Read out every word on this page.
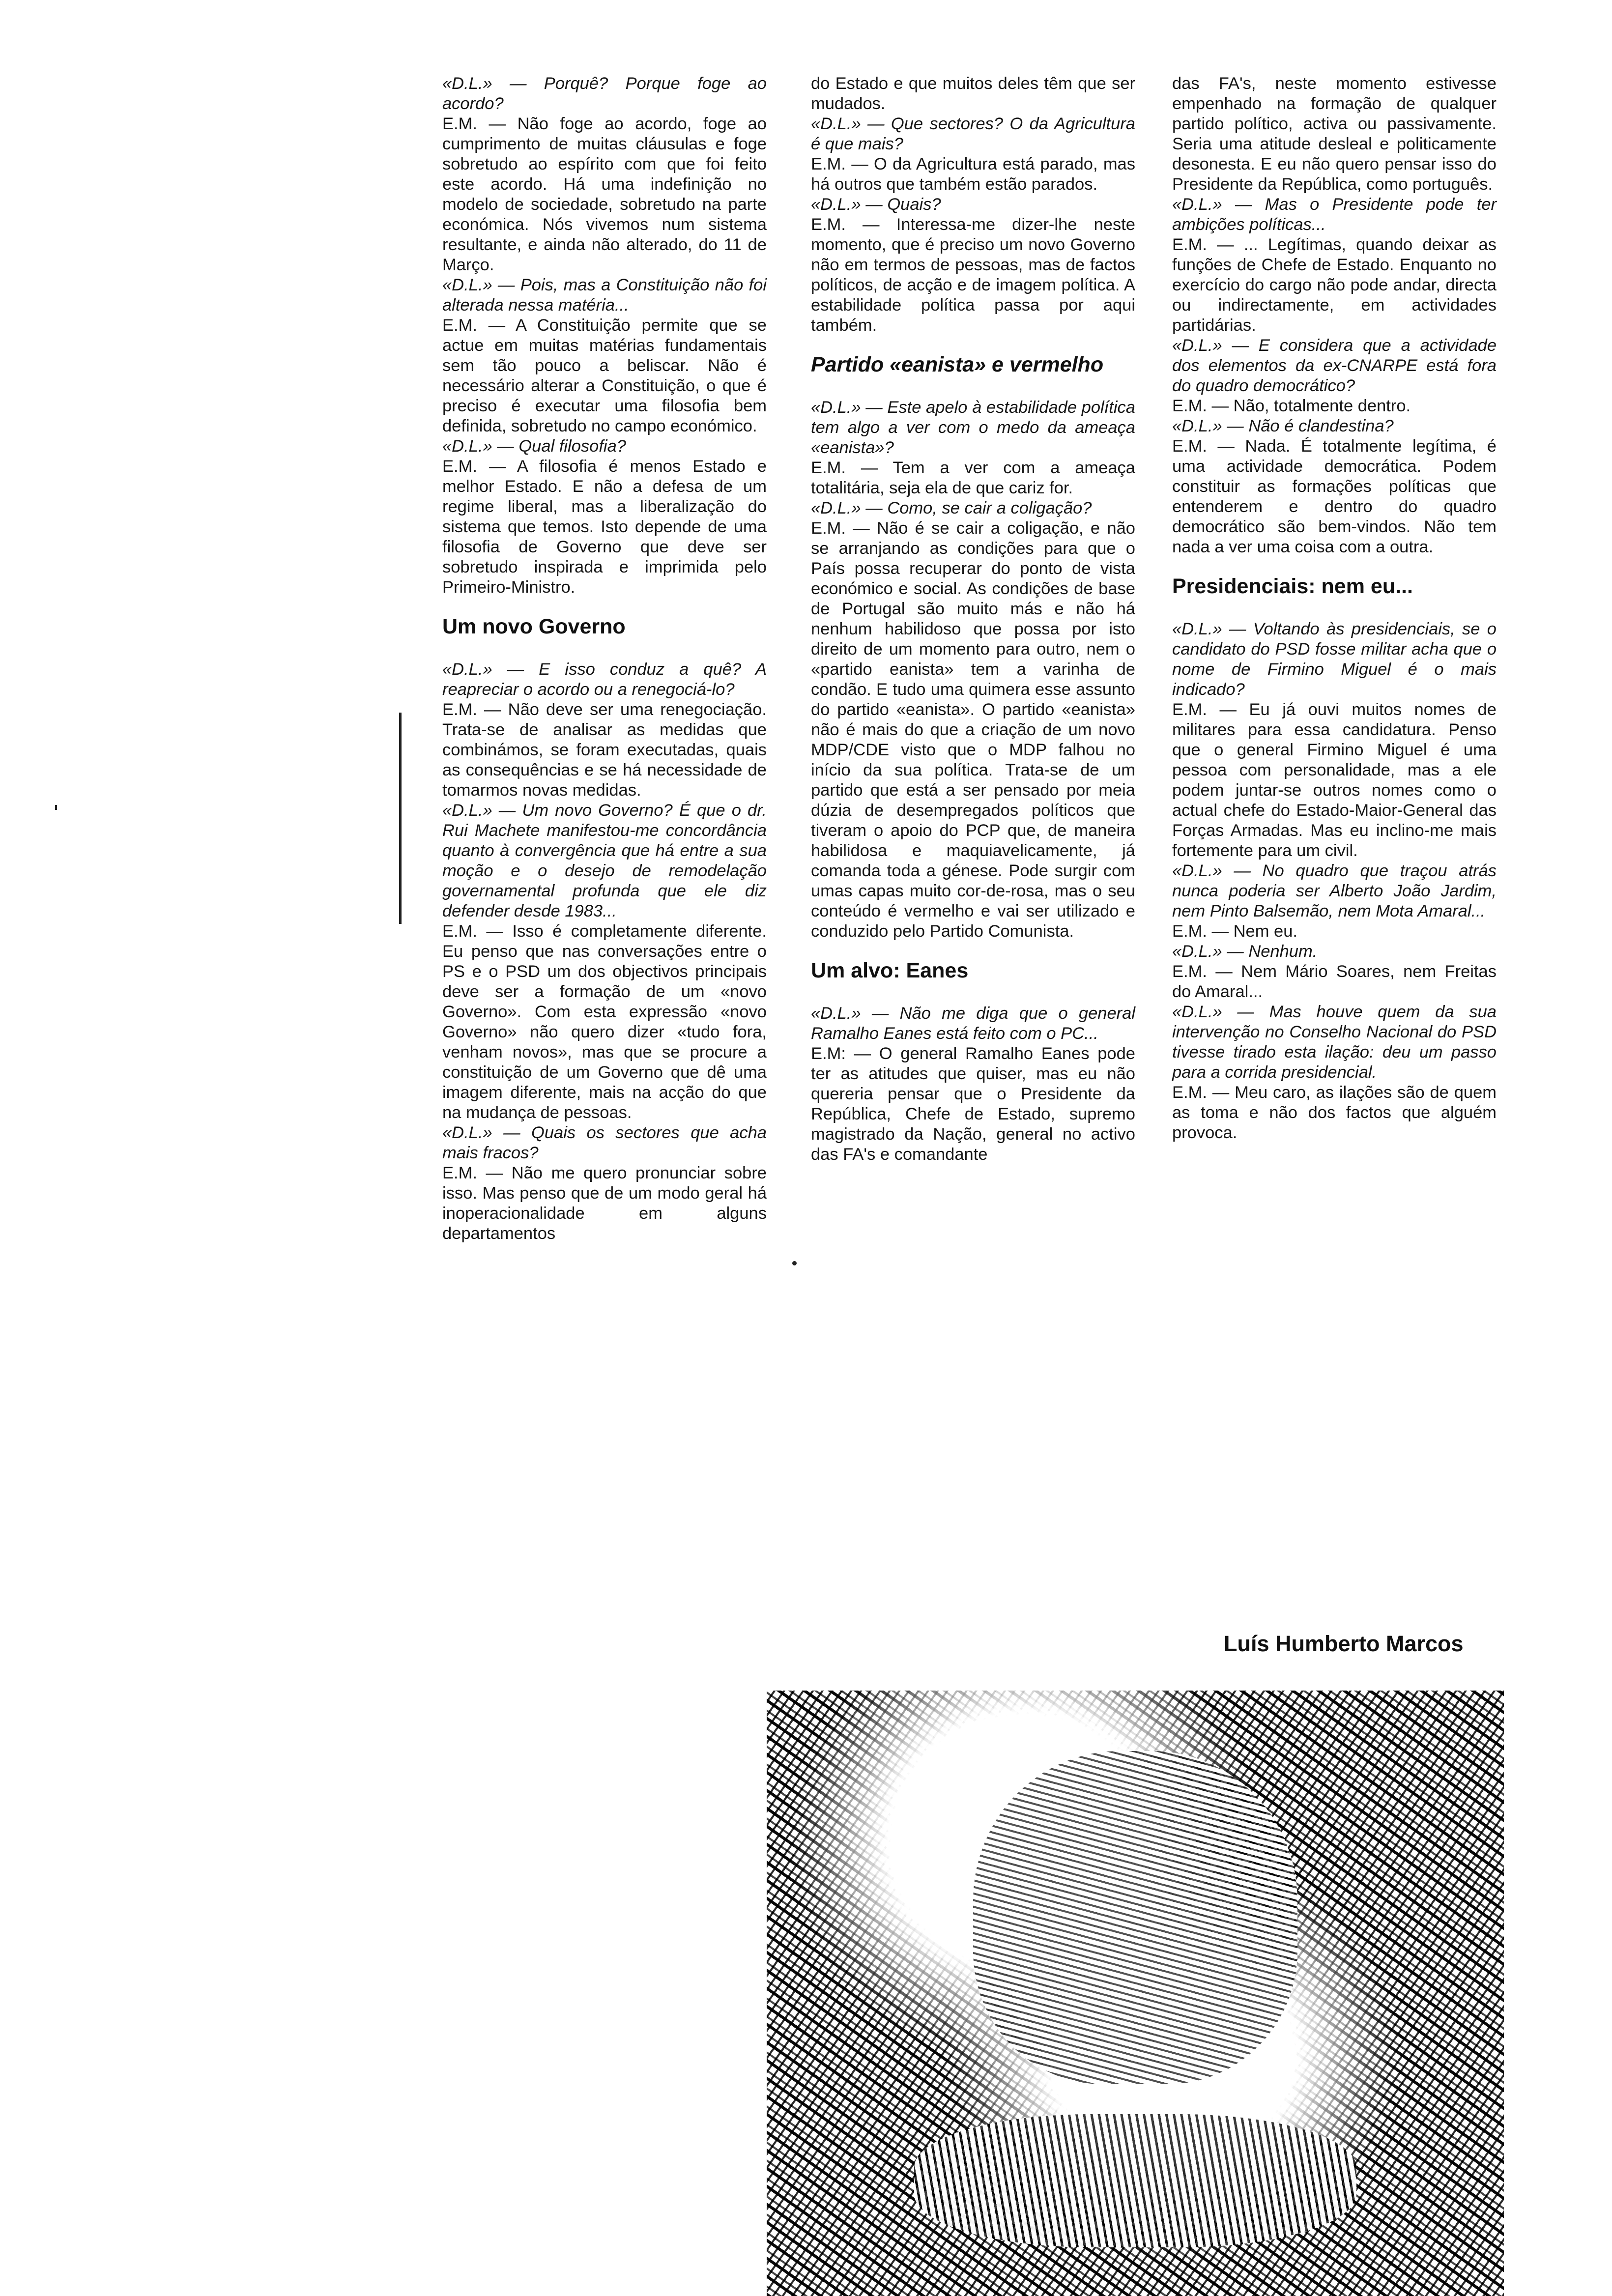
«D.L.» — Porquê? Porque foge ao acordo?

E.M. — Não foge ao acordo, foge ao cumprimento de muitas cláusulas e foge sobretudo ao espírito com que foi feito este acordo. Há uma indefinição no modelo de sociedade, sobretudo na parte económica. Nós vivemos num sistema resultante, e ainda não alterado, do 11 de Março.

«D.L.» — Pois, mas a Constituição não foi alterada nessa matéria...

E.M. — A Constituição permite que se actue em muitas matérias fundamentais sem tão pouco a beliscar. Não é necessário alterar a Constituição, o que é preciso é executar uma filosofia bem definida, sobretudo no campo económico.

«D.L.» — Qual filosofia?

E.M. — A filosofia é menos Estado e melhor Estado. E não a defesa de um regime liberal, mas a liberalização do sistema que temos. Isto depende de uma filosofia de Governo que deve ser sobretudo inspirada e imprimida pelo Primeiro-Ministro.

Um novo Governo

«D.L.» — E isso conduz a quê? A reapreciar o acordo ou a renegociá-lo?

E.M. — Não deve ser uma renegociação. Trata-se de analisar as medidas que combinámos, se foram executadas, quais as consequências e se há necessidade de tomarmos novas medidas.

«D.L.» — Um novo Governo? É que o dr. Rui Machete manifestou-me concordância quanto à convergência que há entre a sua moção e o desejo de remodelação governamental profunda que ele diz defender desde 1983...

E.M. — Isso é completamente diferente. Eu penso que nas conversações entre o PS e o PSD um dos objectivos principais deve ser a formação de um «novo Governo». Com esta expressão «novo Governo» não quero dizer «tudo fora, venham novos», mas que se procure a constituição de um Governo que dê uma imagem diferente, mais na acção do que na mudança de pessoas.

«D.L.» — Quais os sectores que acha mais fracos?

E.M. — Não me quero pronunciar sobre isso. Mas penso que de um modo geral há inoperacionalidade em alguns departamentos

do Estado e que muitos deles têm que ser mudados.

«D.L.» — Que sectores? O da Agricultura é que mais?

E.M. — O da Agricultura está parado, mas há outros que também estão parados.

«D.L.» — Quais?

E.M. — Interessa-me dizer-lhe neste momento, que é preciso um novo Governo não em termos de pessoas, mas de factos políticos, de acção e de imagem política. A estabilidade política passa por aqui também.

Partido «eanista» e vermelho

«D.L.» — Este apelo à estabilidade política tem algo a ver com o medo da ameaça «eanista»?

E.M. — Tem a ver com a ameaça totalitária, seja ela de que cariz for.

«D.L.» — Como, se cair a coligação?

E.M. — Não é se cair a coligação, e não se arranjando as condições para que o País possa recuperar do ponto de vista económico e social. As condições de base de Portugal são muito más e não há nenhum habilidoso que possa por isto direito de um momento para outro, nem o «partido eanista» tem a varinha de condão. E tudo uma quimera esse assunto do partido «eanista». O partido «eanista» não é mais do que a criação de um novo MDP/CDE visto que o MDP falhou no início da sua política. Trata-se de um partido que está a ser pensado por meia dúzia de desempregados políticos que tiveram o apoio do PCP que, de maneira habilidosa e maquiavelicamente, já comanda toda a génese. Pode surgir com umas capas muito cor-de-rosa, mas o seu conteúdo é vermelho e vai ser utilizado e conduzido pelo Partido Comunista.

Um alvo: Eanes

«D.L.» — Não me diga que o general Ramalho Eanes está feito com o PC...

E.M: — O general Ramalho Eanes pode ter as atitudes que quiser, mas eu não quereria pensar que o Presidente da República, Chefe de Estado, supremo magistrado da Nação, general no activo das FA's e comandante

das FA's, neste momento estivesse empenhado na formação de qualquer partido político, activa ou passivamente. Seria uma atitude desleal e politicamente desonesta. E eu não quero pensar isso do Presidente da República, como português.

«D.L.» — Mas o Presidente pode ter ambições políticas...

E.M. — ... Legítimas, quando deixar as funções de Chefe de Estado. Enquanto no exercício do cargo não pode andar, directa ou indirectamente, em actividades partidárias.

«D.L.» — E considera que a actividade dos elementos da ex-CNARPE está fora do quadro democrático?

E.M. — Não, totalmente dentro.

«D.L.» — Não é clandestina?

E.M. — Nada. É totalmente legítima, é uma actividade democrática. Podem constituir as formações políticas que entenderem e dentro do quadro democrático são bem-vindos. Não tem nada a ver uma coisa com a outra.

Presidenciais: nem eu...

«D.L.» — Voltando às presidenciais, se o candidato do PSD fosse militar acha que o nome de Firmino Miguel é o mais indicado?

E.M. — Eu já ouvi muitos nomes de militares para essa candidatura. Penso que o general Firmino Miguel é uma pessoa com personalidade, mas a ele podem juntar-se outros nomes como o actual chefe do Estado-Maior-General das Forças Armadas. Mas eu inclino-me mais fortemente para um civil.

«D.L.» — No quadro que traçou atrás nunca poderia ser Alberto João Jardim, nem Pinto Balsemão, nem Mota Amaral...

E.M. — Nem eu.

«D.L.» — Nenhum.

E.M. — Nem Mário Soares, nem Freitas do Amaral...

«D.L.» — Mas houve quem da sua intervenção no Conselho Nacional do PSD tivesse tirado esta ilação: deu um passo para a corrida presidencial.

E.M. — Meu caro, as ilações são de quem as toma e não dos factos que alguém provoca.

Luís Humberto Marcos
